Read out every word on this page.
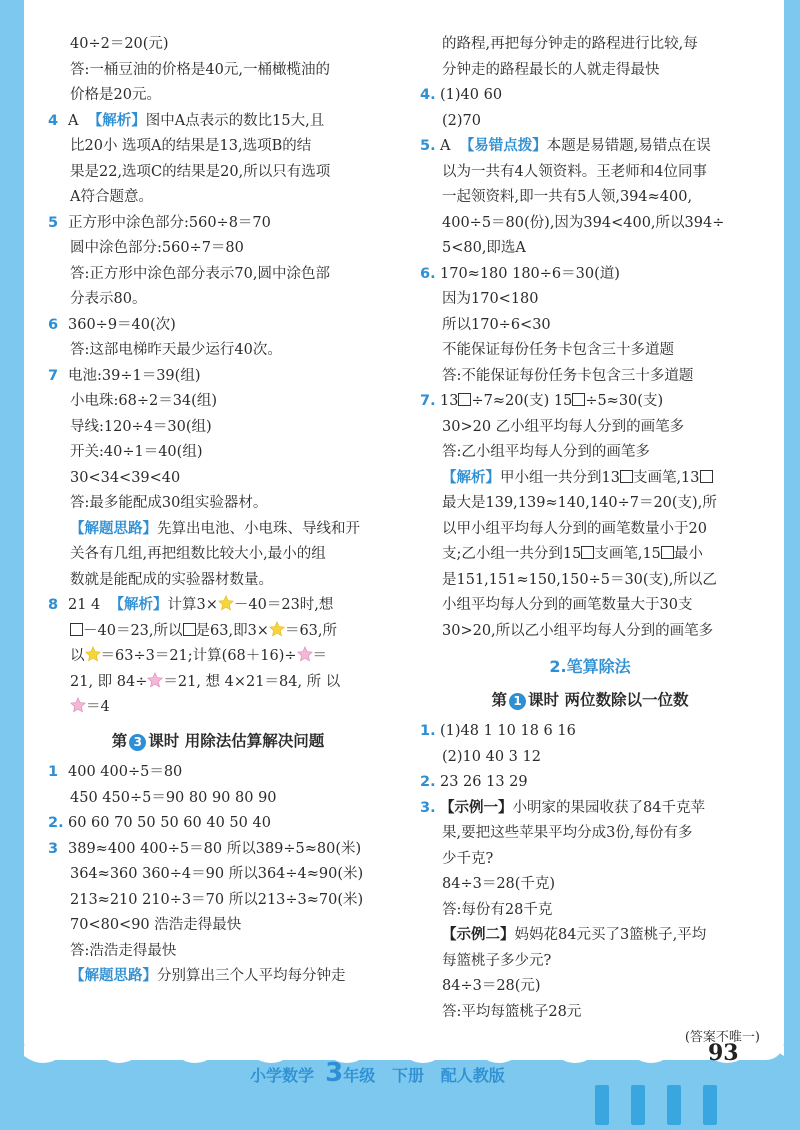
40÷2＝20(元)
答:一桶豆油的价格是40元,一桶橄榄油的
价格是20元。
4 A 【解析】图中A点表示的数比15大,且
比20小 选项A的结果是13,选项B的结
果是22,选项C的结果是20,所以只有选项
A符合题意。
5 正方形中涂色部分:560÷8＝70
圆中涂色部分:560÷7＝80
答:正方形中涂色部分表示70,圆中涂色部
分表示80。
6 360÷9＝40(次)
答:这部电梯昨天最少运行40次。
7 电池:39÷1＝39(组)
小电珠:68÷2＝34(组)
导线:120÷4＝30(组)
开关:40÷1＝40(组)
30<34<39<40
答:最多能配成30组实验器材。
【解题思路】先算出电池、小电珠、导线和开
关各有几组,再把组数比较大小,最小的组
数就是能配成的实验器材数量。
8 21 4 【解析】计算3× －40＝23时,想
－40＝23,所以 是63,即3× ＝63,所
以 ＝63÷3＝21;计算(68＋16)÷ ＝
21, 即 84÷ ＝21, 想 4×21＝84, 所 以
＝4
第 3 课时 用除法估算解决问题
1 400 400÷5＝80
450 450÷5＝90 80 90 80 90
2. 60 60 70 50 50 60 40 50 40
3 389≈400 400÷5＝80 所以389÷5≈80(米)
364≈360 360÷4＝90 所以364÷4≈90(米)
213≈210 210÷3＝70 所以213÷3≈70(米)
70<80<90 浩浩走得最快
答:浩浩走得最快
【解题思路】分别算出三个人平均每分钟走
的路程,再把每分钟走的路程进行比较,每
分钟走的路程最长的人就走得最快
4. (1)40 60
(2)70
5. A 【易错点拨】本题是易错题,易错点在误
以为一共有4人领资料。王老师和4位同事
一起领资料,即一共有5人领,394≈400,
400÷5＝80(份),因为394<400,所以394÷
5<80,即选A
6. 170≈180 180÷6＝30(道)
因为170<180
所以170÷6<30
不能保证每份任务卡包含三十多道题
答:不能保证每份任务卡包含三十多道题
7. 13 ÷7≈20(支) 15 ÷5≈30(支)
30>20 乙小组平均每人分到的画笔多
答:乙小组平均每人分到的画笔多
【解析】甲小组一共分到13 支画笔,13
最大是139,139≈140,140÷7＝20(支),所
以甲小组平均每人分到的画笔数量小于20
支;乙小组一共分到15 支画笔,15 最小
是151,151≈150,150÷5＝30(支),所以乙
小组平均每人分到的画笔数量大于30支
30>20,所以乙小组平均每人分到的画笔多
2.笔算除法
第 1 课时 两位数除以一位数
1. (1)48 1 10 18 6 16
(2)10 40 3 12
2. 23 26 13 29
3. 【示例一】小明家的果园收获了84千克苹
果,要把这些苹果平均分成3份,每份有多
少千克?
84÷3＝28(千克)
答:每份有28千克
【示例二】妈妈花84元买了3篮桃子,平均
每篮桃子多少元?
84÷3＝28(元)
答:平均每篮桃子28元
(答案不唯一)
小学数学 3年级 下册 配人教版
93
